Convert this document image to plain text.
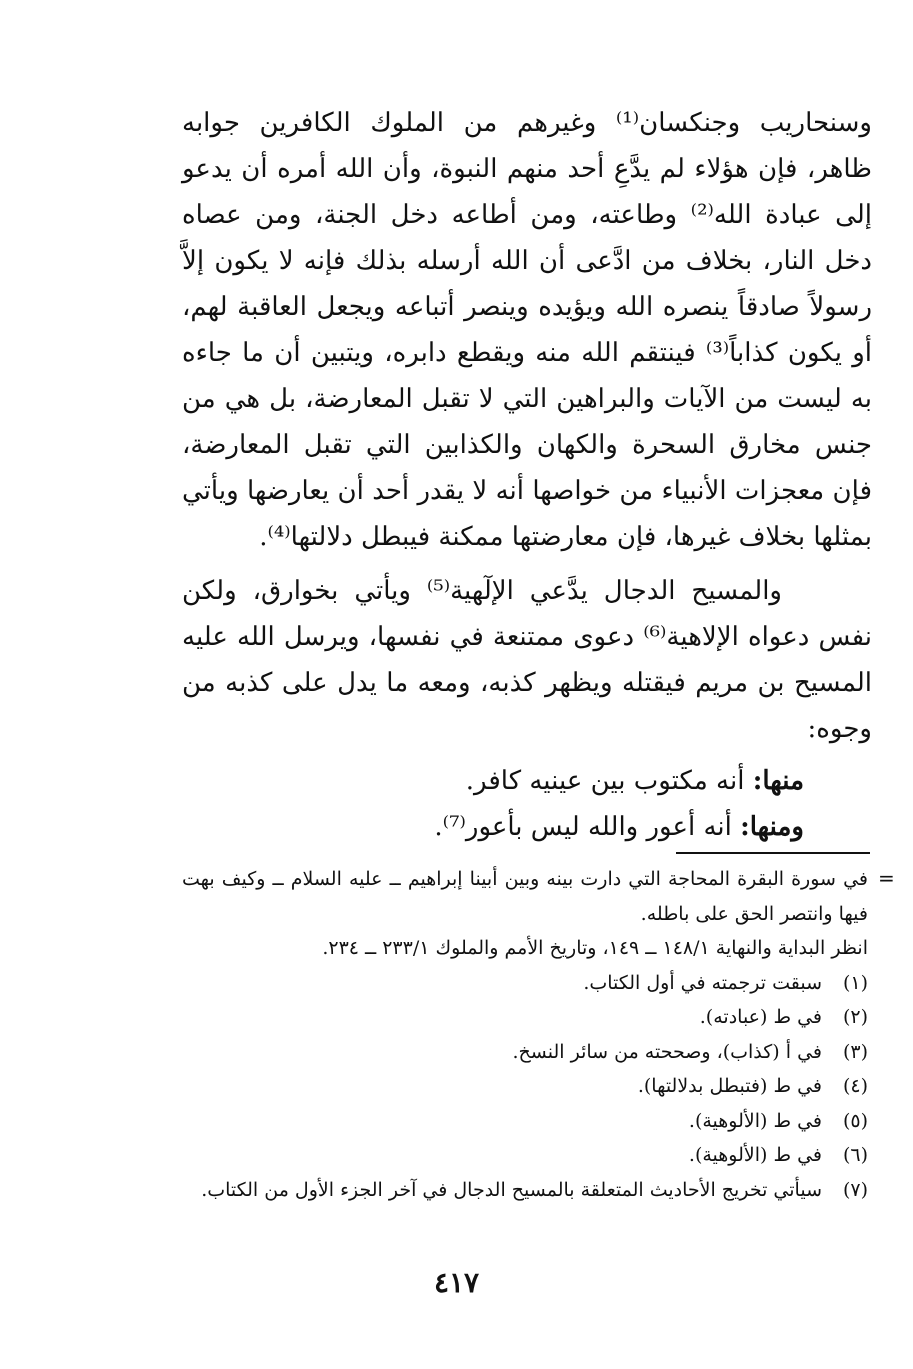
وسنحاريب وجنكسان⁽¹⁾ وغيرهم من الملوك الكافرين جوابه ظاهر، فإن هؤلاء لم يدَّعِ أحد منهم النبوة، وأن الله أمره أن يدعو إلى عبادة الله⁽²⁾ وطاعته، ومن أطاعه دخل الجنة، ومن عصاه دخل النار، بخلاف من ادَّعى أن الله أرسله بذلك فإنه لا يكون إلاَّ رسولاً صادقاً ينصره الله ويؤيده وينصر أتباعه ويجعل العاقبة لهم، أو يكون كذاباً⁽³⁾ فينتقم الله منه ويقطع دابره، ويتبين أن ما جاءه به ليست من الآيات والبراهين التي لا تقبل المعارضة، بل هي من جنس مخارق السحرة والكهان والكذابين التي تقبل المعارضة، فإن معجزات الأنبياء من خواصها أنه لا يقدر أحد أن يعارضها ويأتي بمثلها بخلاف غيرها، فإن معارضتها ممكنة فيبطل دلالتها⁽⁴⁾.

والمسيح الدجال يدَّعي الإلٓهية⁽⁵⁾ ويأتي بخوارق، ولكن نفس دعواه الإلاهية⁽⁶⁾ دعوى ممتنعة في نفسها، ويرسل الله عليه المسيح بن مريم فيقتله ويظهر كذبه، ومعه ما يدل على كذبه من وجوه:

منها: أنه مكتوب بين عينيه كافر.

ومنها: أنه أعور والله ليس بأعور⁽⁷⁾.

=

في سورة البقرة المحاجة التي دارت بينه وبين أبينا إبراهيم ــ عليه السلام ــ وكيف بهت فيها وانتصر الحق على باطله.

انظر البداية والنهاية ١٤٨/١ ــ ١٤٩، وتاريخ الأمم والملوك ٢٣٣/١ ــ ٢٣٤.

(١)
سبقت ترجمته في أول الكتاب.
(٢)
في ط (عبادته).
(٣)
في أ (كذاب)، وصححته من سائر النسخ.
(٤)
في ط (فتبطل بدلالتها).
(٥)
في ط (الألوهية).
(٦)
في ط (الألوهية).
(٧)
سيأتي تخريج الأحاديث المتعلقة بالمسيح الدجال في آخر الجزء الأول من الكتاب.
٤١٧
